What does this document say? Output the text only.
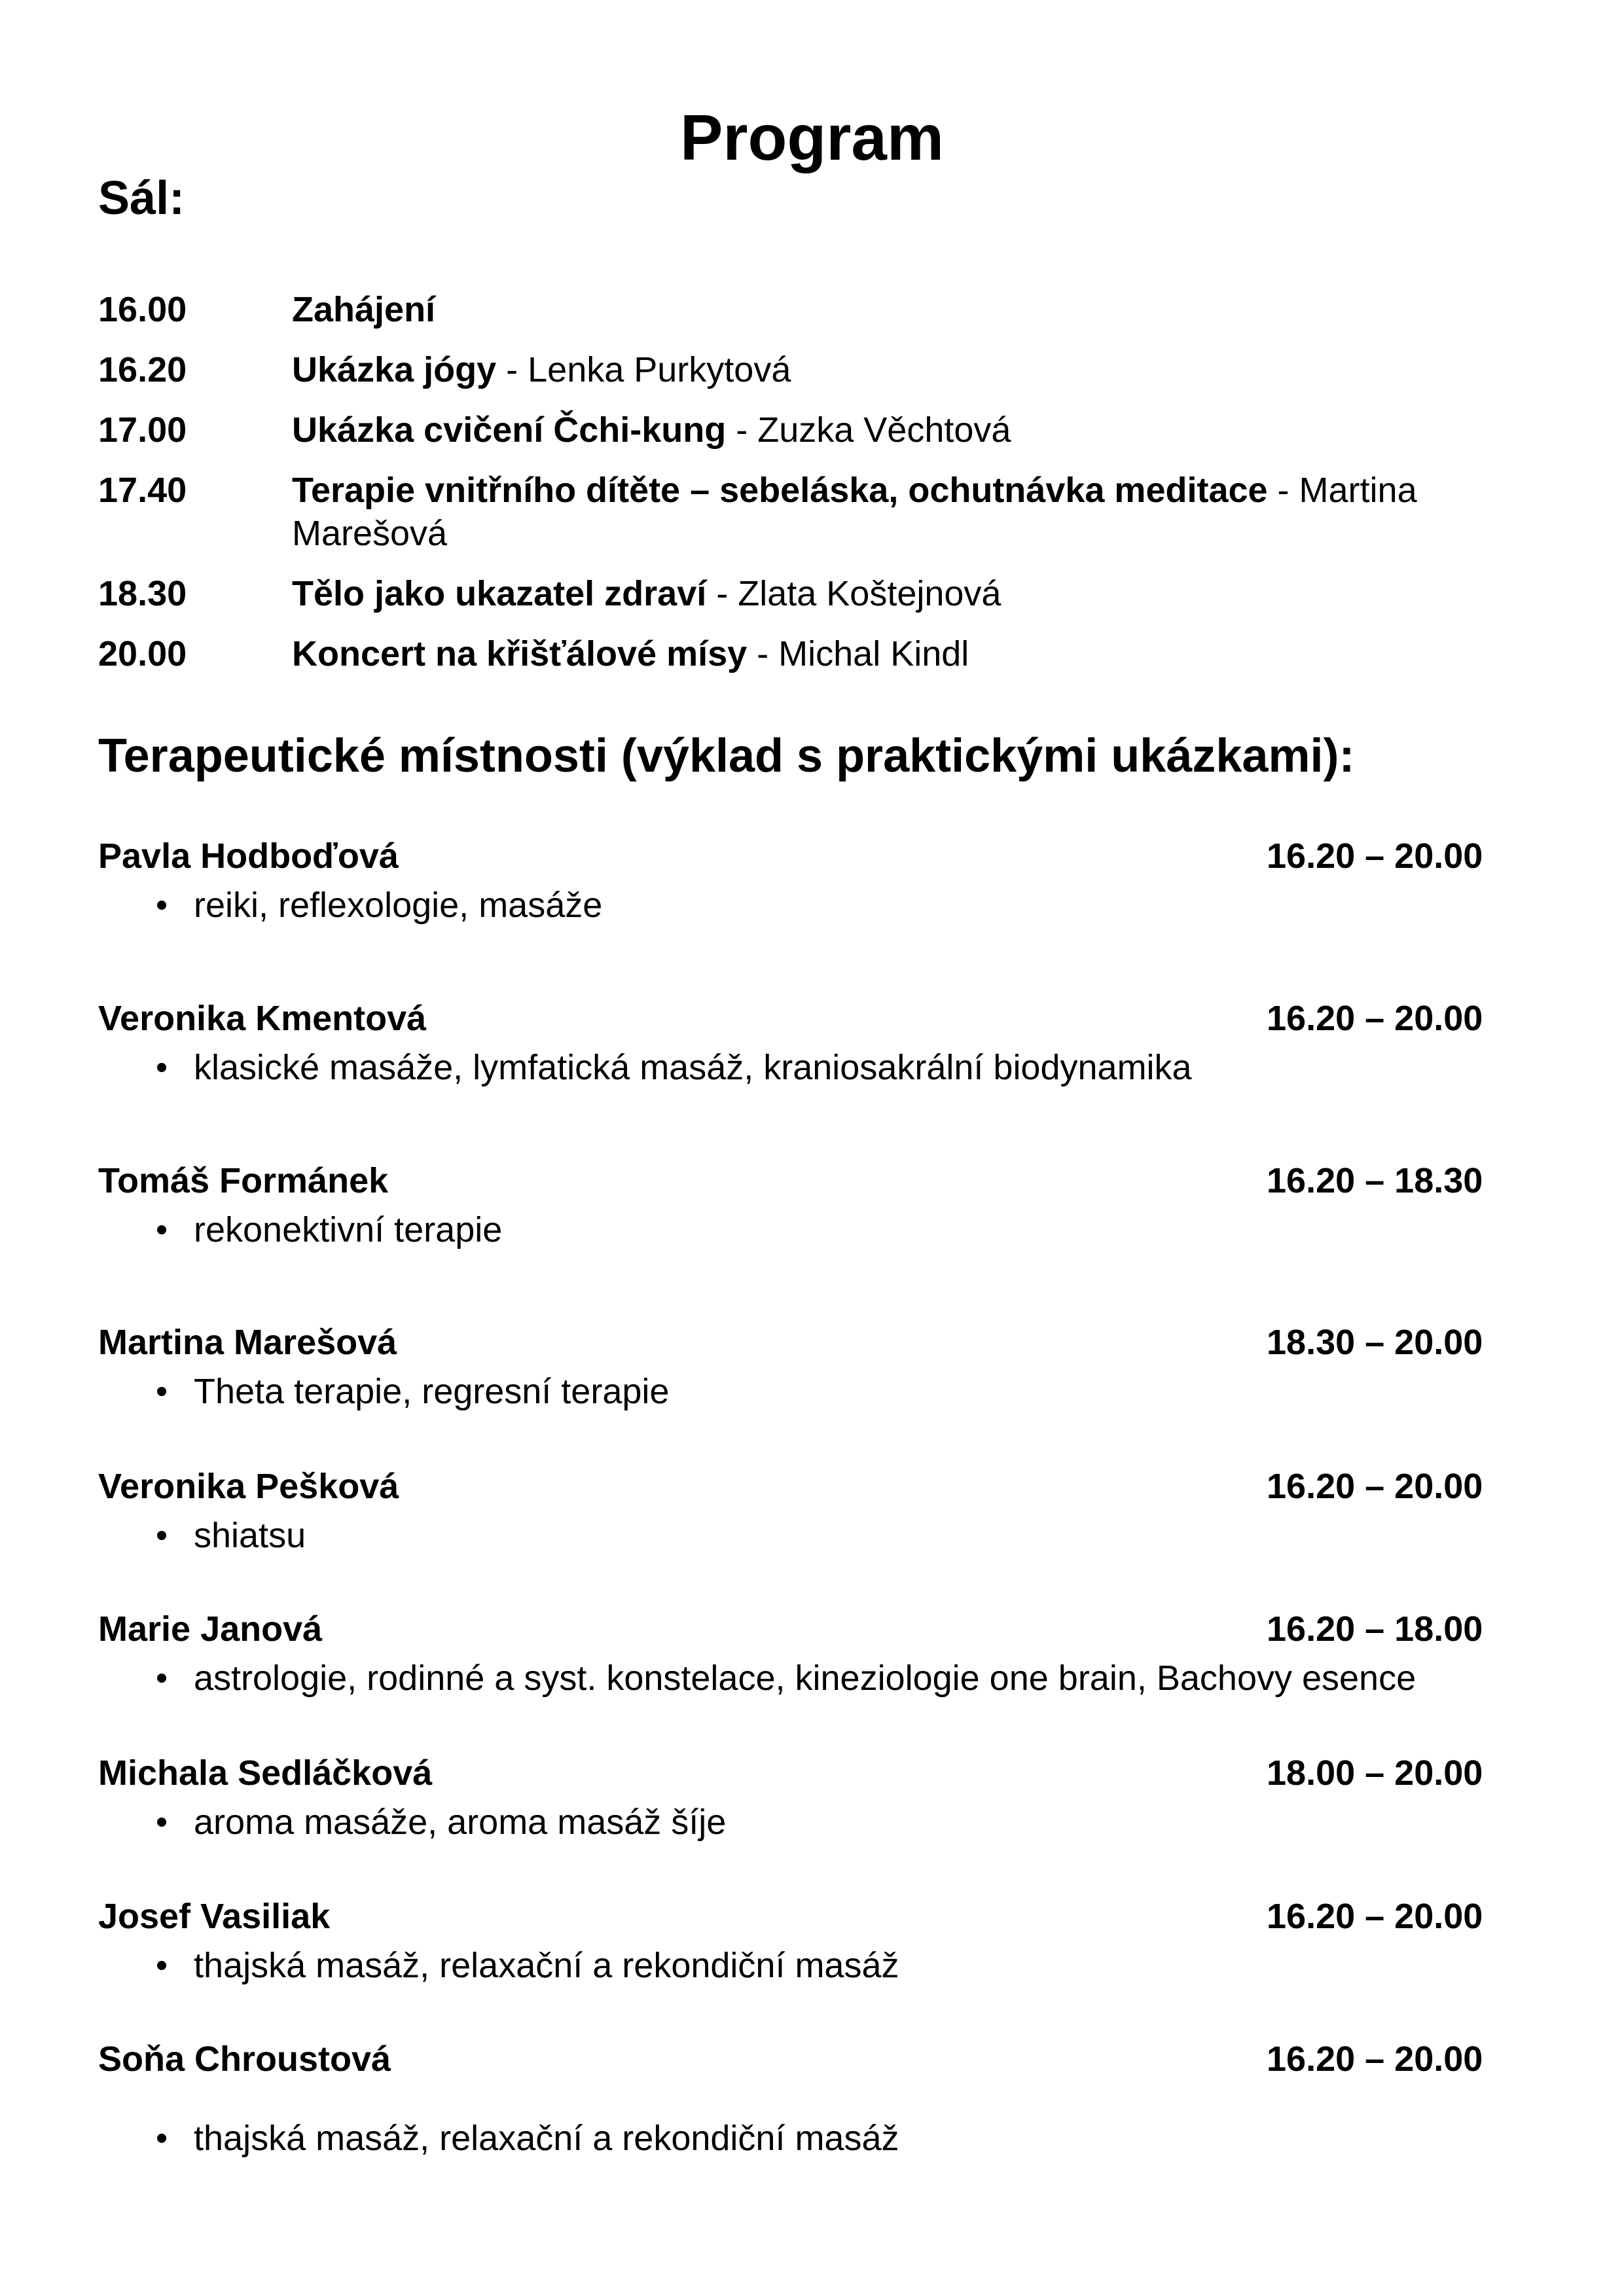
Program
Sál:
16.00	Zahájení
16.20	Ukázka jógy - Lenka Purkytová
17.00	Ukázka cvičení Čchi-kung - Zuzka Věchtová
17.40	Terapie vnitřního dítěte – sebeláska, ochutnávka meditace - Martina Marešová
18.30	Tělo jako ukazatel zdraví - Zlata Koštejnová
20.00	Koncert na křišťálové mísy - Michal Kindl
Terapeutické místnosti (výklad s praktickými ukázkami):
Pavla Hodboďová	16.20 – 20.00
reiki, reflexologie, masáže
Veronika Kmentová	16.20 – 20.00
klasické masáže, lymfatická masáž, kraniosakrální biodynamika
Tomáš Formánek	16.20 – 18.30
rekonektivní terapie
Martina Marešová	18.30 – 20.00
Theta terapie, regresní terapie
Veronika Pešková	16.20 – 20.00
shiatsu
Marie Janová	16.20 – 18.00
astrologie, rodinné a syst. konstelace, kineziologie one brain, Bachovy esence
Michala Sedláčková	18.00 – 20.00
aroma masáže, aroma masáž šíje
Josef Vasiliak	16.20 – 20.00
thajská masáž, relaxační a rekondiční masáž
Soňa Chroustová	16.20 – 20.00
thajská masáž, relaxační a rekondiční masáž
